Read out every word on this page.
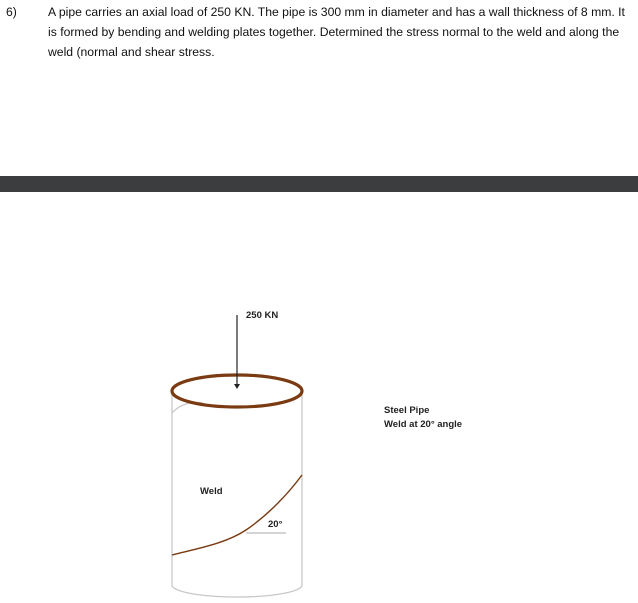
6)	A pipe carries an axial load of 250 KN. The pipe is 300 mm in diameter and has a wall thickness of 8 mm. It is formed by bending and welding plates together. Determined the stress normal to the weld and along the weld (normal and shear stress.
250 KN
Weld
20°
Steel Pipe
Weld at 20° angle
